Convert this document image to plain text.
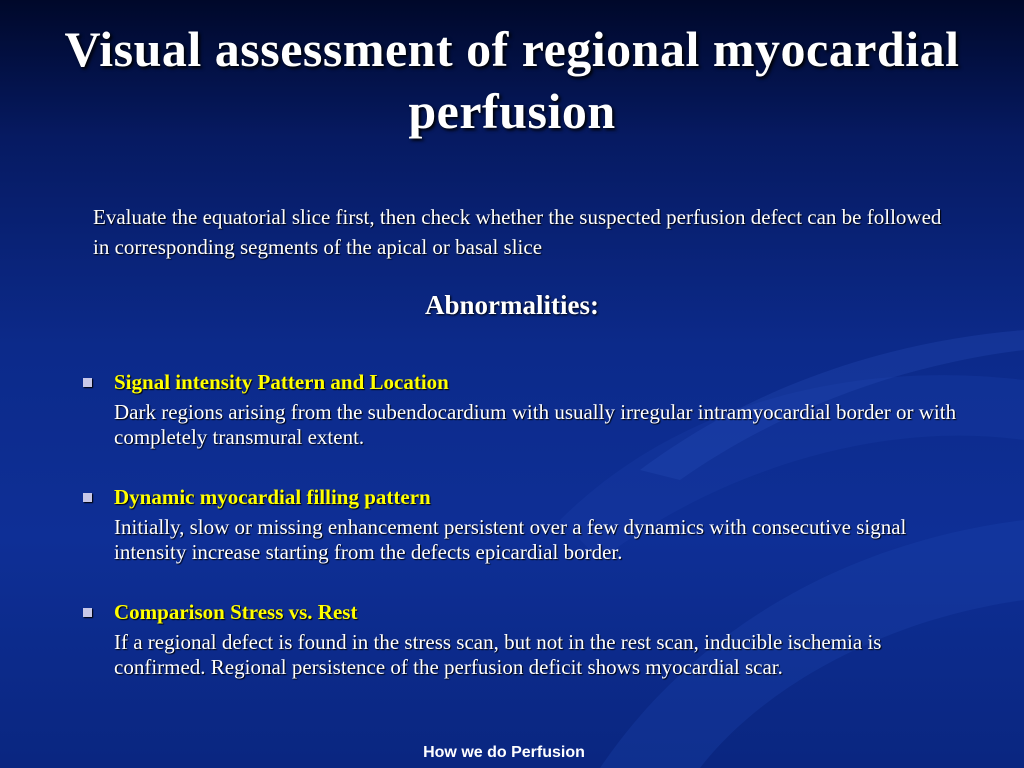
Visual assessment of regional myocardial perfusion
Evaluate the equatorial slice first, then check whether the suspected perfusion defect can be followed in corresponding segments of the apical or basal slice
Abnormalities:
Signal intensity Pattern and Location
Dark regions arising from the subendocardium with usually irregular intramyocardial border or with completely transmural extent.
Dynamic myocardial filling pattern
Initially, slow or missing enhancement persistent over a few dynamics with consecutive signal intensity increase starting from the defects epicardial border.
Comparison Stress vs. Rest
If a regional defect is found in the stress scan, but not in the rest scan, inducible ischemia is confirmed. Regional persistence of the perfusion deficit shows myocardial scar.
How we do Perfusion
